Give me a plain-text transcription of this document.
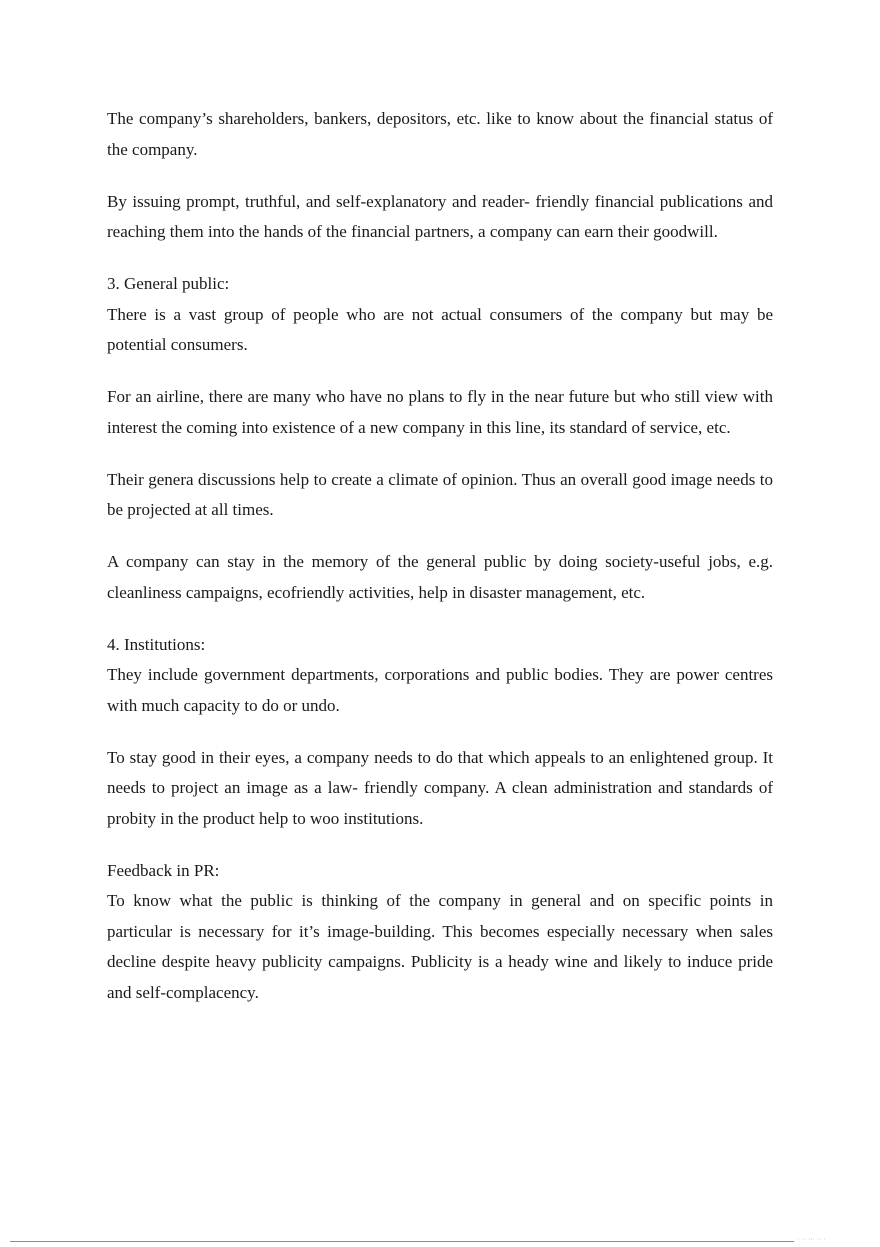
The company’s shareholders, bankers, depositors, etc. like to know about the financial status of the company.

By issuing prompt, truthful, and self-explanatory and reader- friendly financial publications and reaching them into the hands of the financial partners, a company can earn their goodwill.

3. General public:

There is a vast group of people who are not actual consumers of the company but may be potential consumers.

For an airline, there are many who have no plans to fly in the near future but who still view with interest the coming into existence of a new company in this line, its standard of service, etc.

Their genera discussions help to create a climate of opinion. Thus an overall good image needs to be projected at all times.

A company can stay in the memory of the general public by doing society-useful jobs, e.g. cleanliness campaigns, ecofriendly activities, help in disaster management, etc.

4. Institutions:

They include government departments, corporations and public bodies. They are power centres with much capacity to do or undo.

To stay good in their eyes, a company needs to do that which appeals to an enlightened group. It needs to project an image as a law- friendly company. A clean administration and standards of probity in the product help to woo institutions.

Feedback in PR:

To know what the public is thinking of the company in general and on specific points in particular is necessary for it’s image-building. This becomes especially necessary when sales decline despite heavy publicity campaigns. Publicity is a heady wine and likely to induce pride and self-complacency.

· ·· ··· ·· ·
